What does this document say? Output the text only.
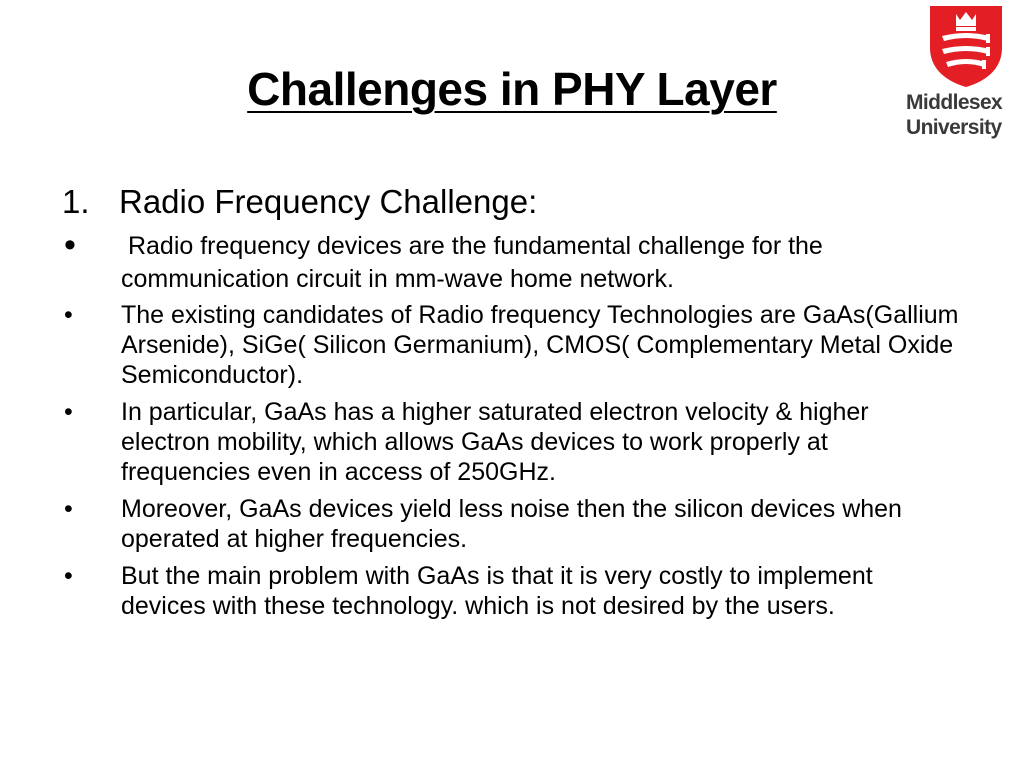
Challenges in PHY Layer	Middlesex
University
1. Radio Frequency Challenge:
•	Radio frequency devices are the fundamental challenge for the communication circuit in mm-wave home network.
•	The existing candidates of Radio frequency Technologies are GaAs(Gallium Arsenide), SiGe( Silicon Germanium), CMOS( Complementary Metal Oxide Semiconductor).
•	In particular, GaAs has a higher saturated electron velocity & higher electron mobility, which allows GaAs devices to work properly at frequencies even in access of 250GHz.
•	Moreover, GaAs devices yield less noise then the silicon devices when operated at higher frequencies.
•	But the main problem with GaAs is that it is very costly to implement devices with these technology. which is not desired by the users.
